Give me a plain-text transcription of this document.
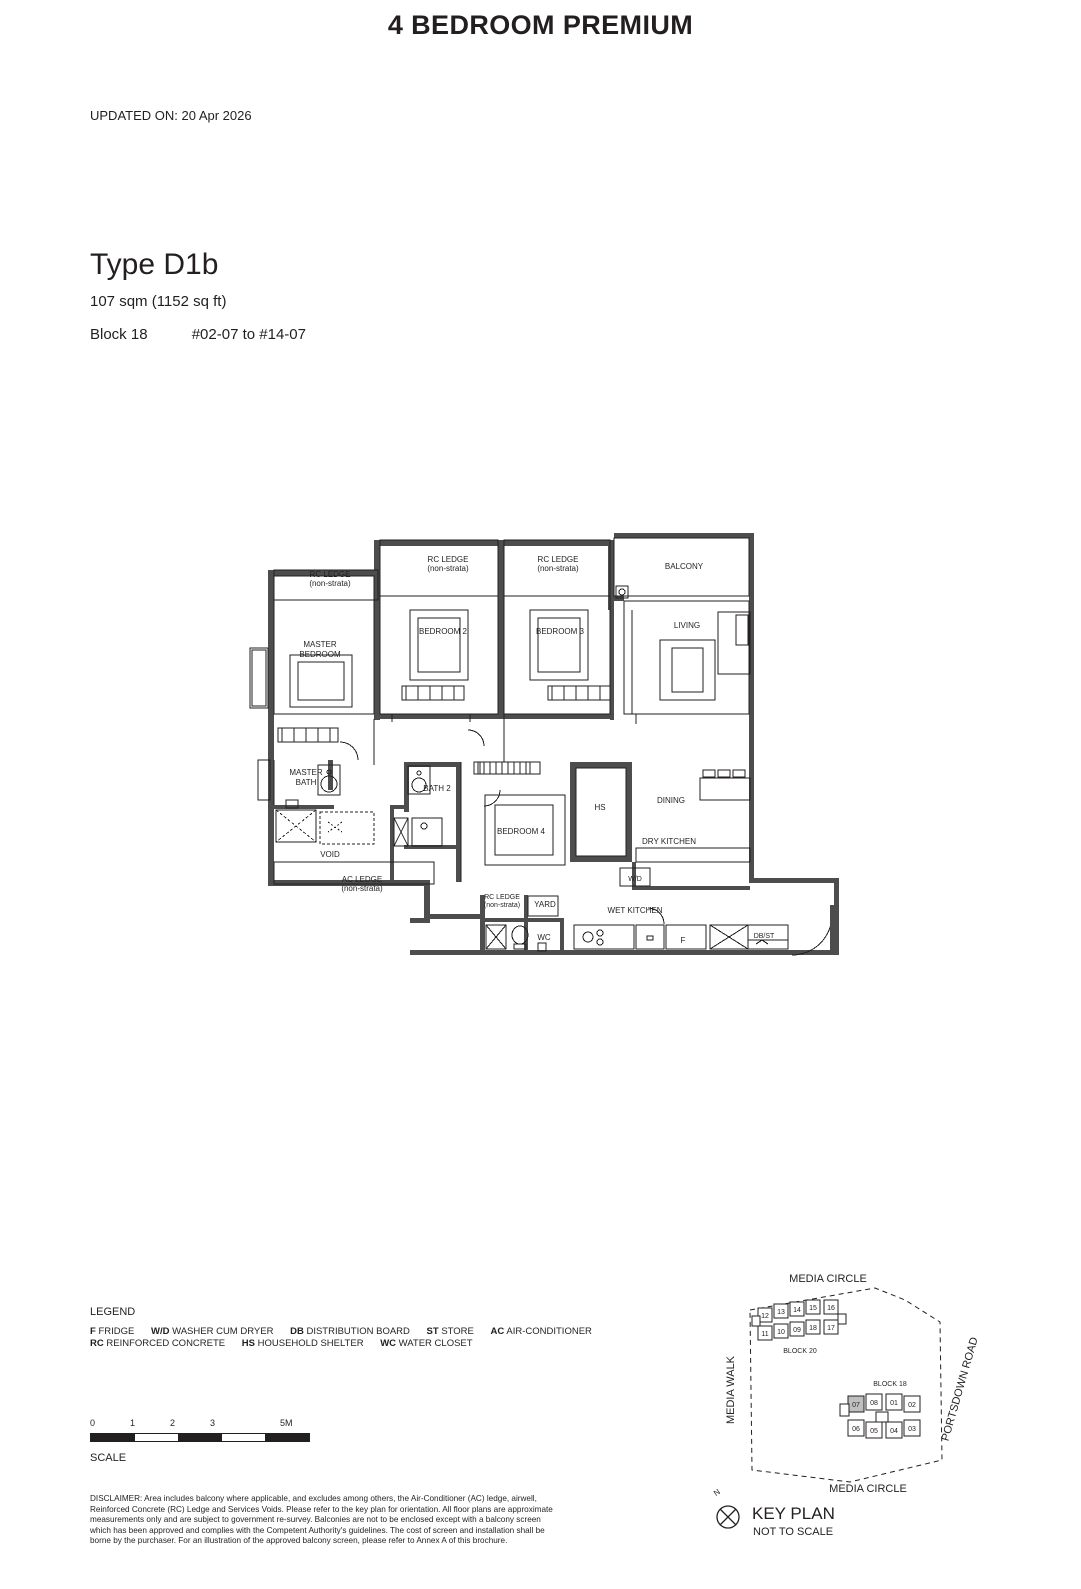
4 BEDROOM PREMIUM
UPDATED ON: 20 Apr 2026
Type D1b
107 sqm (1152 sq ft)
Block 18	#02-07 to #14-07
MASTER
BEDROOM
BEDROOM 2	BEDROOM 3
BEDROOM 4
LIVING
DINING
DRY KITCHEN
WET KITCHEN
BALCONY
MASTER
BATH
BATH 2
YARD
VOID
WC
HS
W/D
F	DB/ST
RC LEDGE
(non-strata)
RC LEDGE
(non-strata)
RC LEDGE
(non-strata)
AC LEDGE
(non-strata)
RC LEDGE
(non-strata)
LEGEND
F FRIDGE W/D WASHER CUM DRYER DB DISTRIBUTION BOARD ST STORE AC AIR-CONDITIONER
RC REINFORCED CONCRETE HS HOUSEHOLD SHELTER WC WATER CLOSET
0	1	2	3	5M
SCALE
DISCLAIMER: Area includes balcony where applicable, and excludes among others, the Air-Conditioner (AC) ledge, airwell, Reinforced Concrete (RC) Ledge and Services Voids. Please refer to the key plan for orientation. All floor plans are approximate measurements only and are subject to government re-survey. Balconies are not to be enclosed except with a balcony screen which has been approved and complies with the Competent Authority's guidelines. The cost of screen and installation shall be borne by the purchaser. For an illustration of the approved balcony screen, please refer to Annex A of this brochure.
12
13 14 15 16
11 10 09 18 17
BLOCK 20
07 08 01 02
06 05 04 03
BLOCK 18
MEDIA CIRCLE
MEDIA CIRCLE
MEDIA WALK	PORTSDOWN ROAD
N
KEY PLAN
NOT TO SCALE
